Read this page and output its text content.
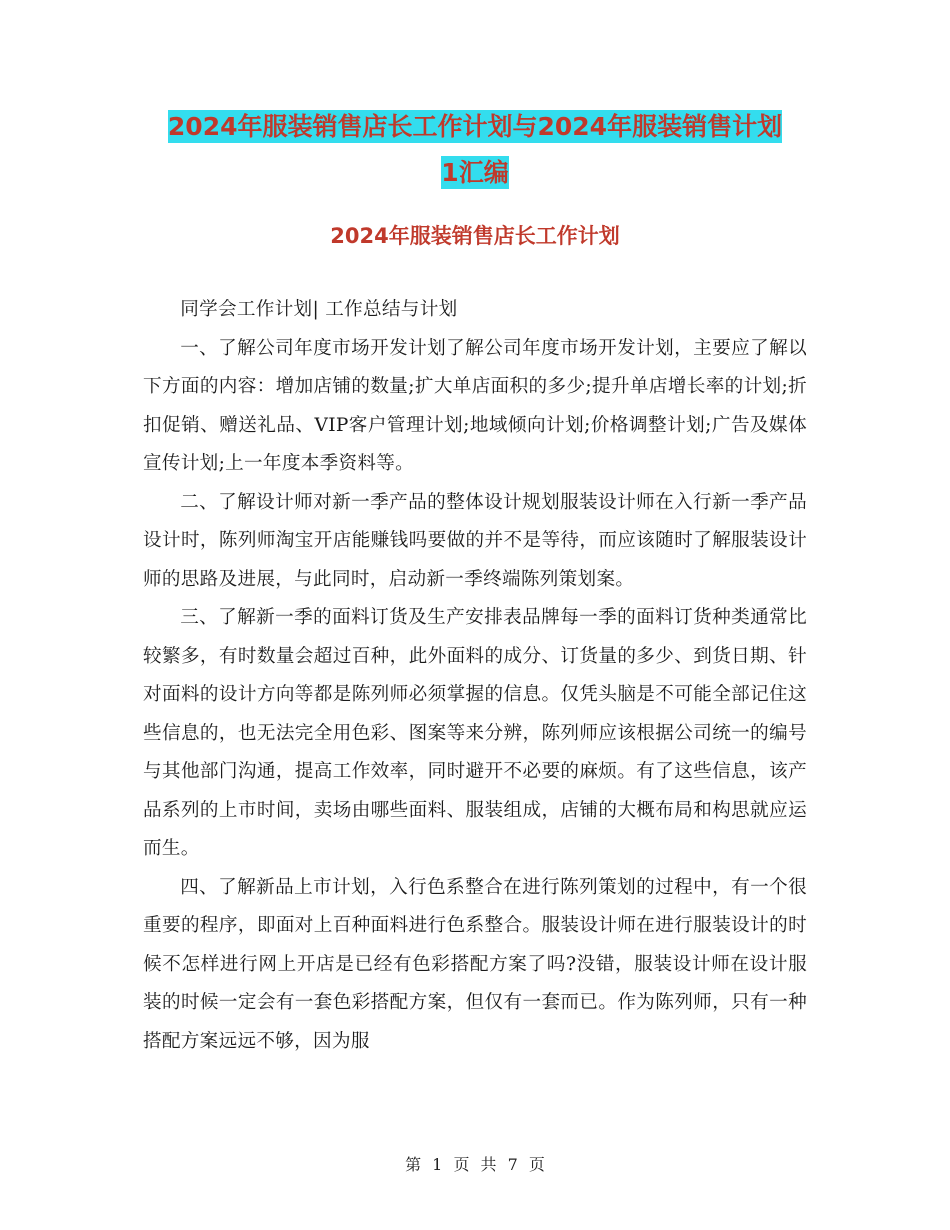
2024年服装销售店长工作计划与2024年服装销售计划
1汇编
2024年服装销售店长工作计划

同学会工作计划| 工作总结与计划

一、了解公司年度市场开发计划了解公司年度市场开发计划，主要应了解以下方面的内容：增加店铺的数量;扩大单店面积的多少;提升单店增长率的计划;折扣促销、赠送礼品、VIP客户管理计划;地域倾向计划;价格调整计划;广告及媒体宣传计划;上一年度本季资料等。

二、了解设计师对新一季产品的整体设计规划服装设计师在入行新一季产品设计时，陈列师淘宝开店能赚钱吗要做的并不是等待，而应该随时了解服装设计师的思路及进展，与此同时，启动新一季终端陈列策划案。

三、了解新一季的面料订货及生产安排表品牌每一季的面料订货种类通常比较繁多，有时数量会超过百种，此外面料的成分、订货量的多少、到货日期、针对面料的设计方向等都是陈列师必须掌握的信息。仅凭头脑是不可能全部记住这些信息的，也无法完全用色彩、图案等来分辨，陈列师应该根据公司统一的编号与其他部门沟通，提高工作效率，同时避开不必要的麻烦。有了这些信息，该产品系列的上市时间，卖场由哪些面料、服装组成，店铺的大概布局和构思就应运而生。

四、了解新品上市计划，入行色系整合在进行陈列策划的过程中，有一个很重要的程序，即面对上百种面料进行色系整合。服装设计师在进行服装设计的时候不怎样进行网上开店是已经有色彩搭配方案了吗?没错，服装设计师在设计服装的时候一定会有一套色彩搭配方案，但仅有一套而已。作为陈列师，只有一种搭配方案远远不够，因为服

第 1 页 共 7 页
